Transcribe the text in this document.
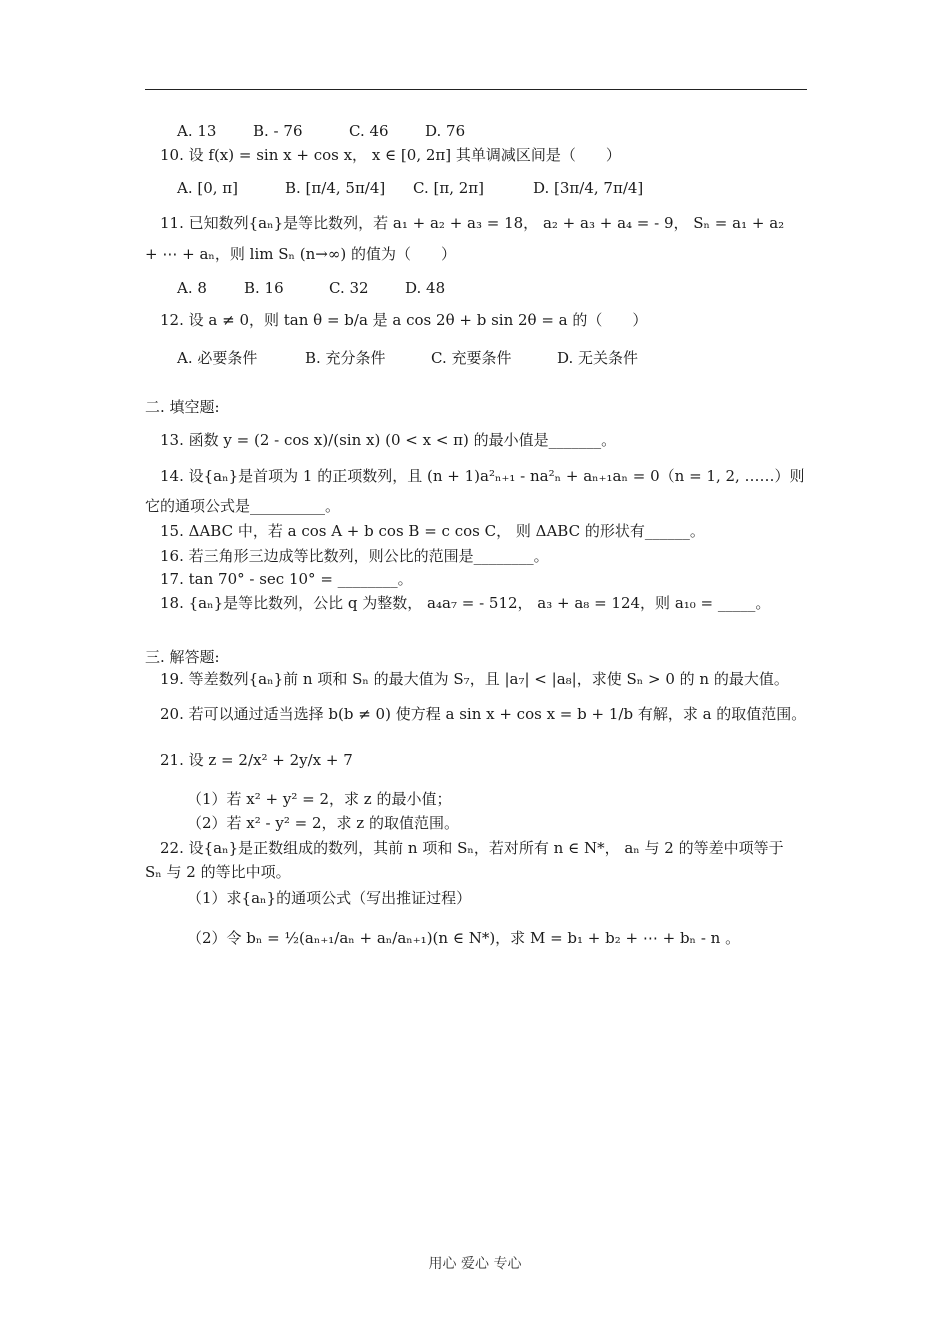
A. 13 B. - 76	C. 46 D. 76
10. 设 f(x) = sin x + cos x， x ∈ [0, 2π] 其单调减区间是（　　）
A. [0, π]	B. [π/4, 5π/4] C. [π, 2π]	D. [3π/4, 7π/4]
11. 已知数列{aₙ}是等比数列，若 a₁ + a₂ + a₃ = 18， a₂ + a₃ + a₄ = - 9， Sₙ = a₁ + a₂
+ ⋯ + aₙ，则 lim Sₙ (n→∞) 的值为（　　）
A. 8 B. 16	C. 32 D. 48
12. 设 a ≠ 0，则 tan θ = b/a 是 a cos 2θ + b sin 2θ = a 的（　　）
A. 必要条件	B. 充分条件	C. 充要条件	D. 无关条件
二. 填空题:
13. 函数 y = (2 - cos x)/(sin x) (0 < x < π) 的最小值是_______。
14. 设{aₙ}是首项为 1 的正项数列，且 (n + 1)a²ₙ₊₁ - na²ₙ + aₙ₊₁aₙ = 0（n = 1, 2, ……）则
它的通项公式是__________。
15. ΔABC 中，若 a cos A + b cos B = c cos C， 则 ΔABC 的形状有______。
16. 若三角形三边成等比数列，则公比的范围是________。
17. tan 70° - sec 10° = ________。
18. {aₙ}是等比数列，公比 q 为整数， a₄a₇ = - 512， a₃ + a₈ = 124，则 a₁₀ = _____。
三. 解答题:
19. 等差数列{aₙ}前 n 项和 Sₙ 的最大值为 S₇，且 |a₇| < |a₈|，求使 Sₙ > 0 的 n 的最大值。
20. 若可以通过适当选择 b(b ≠ 0) 使方程 a sin x + cos x = b + 1/b 有解，求 a 的取值范围。
21. 设 z = 2/x² + 2y/x + 7
（1）若 x² + y² = 2，求 z 的最小值；
（2）若 x² - y² = 2，求 z 的取值范围。
22. 设{aₙ}是正数组成的数列，其前 n 项和 Sₙ，若对所有 n ∈ N*， aₙ 与 2 的等差中项等于
Sₙ 与 2 的等比中项。
（1）求{aₙ}的通项公式（写出推证过程）
（2）令 bₙ = ½(aₙ₊₁/aₙ + aₙ/aₙ₊₁)(n ∈ N*)，求 M = b₁ + b₂ + ⋯ + bₙ - n 。
用心 爱心 专心
